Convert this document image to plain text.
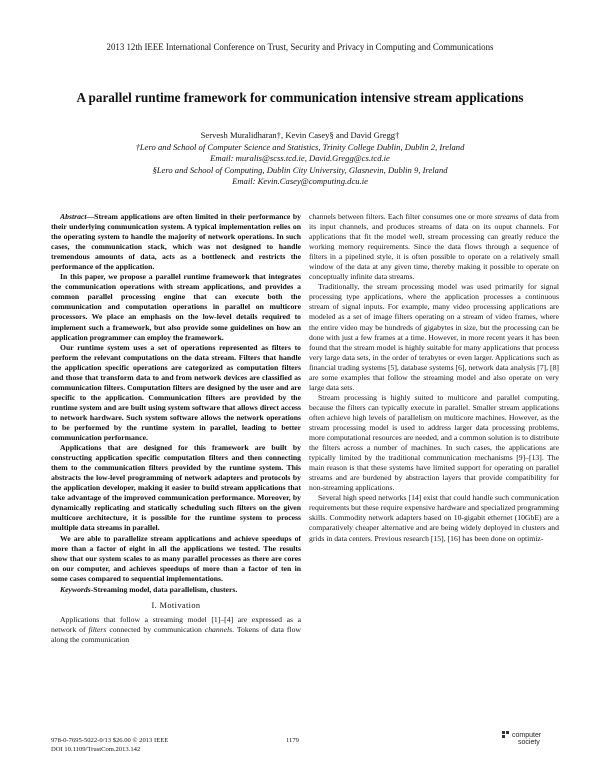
2013 12th IEEE International Conference on Trust, Security and Privacy in Computing and Communications
A parallel runtime framework for communication intensive stream applications
Servesh Muralidharan†, Kevin Casey§ and David Gregg†
†Lero and School of Computer Science and Statistics, Trinity College Dublin, Dublin 2, Ireland
Email: muralis@scss.tcd.ie, David.Gregg@cs.tcd.ie
§Lero and School of Computing, Dublin City University, Glasnevin, Dublin 9, Ireland
Email: Kevin.Casey@computing.dcu.ie

Abstract—Stream applications are often limited in their performance by their underlying communication system. A typical implementation relies on the operating system to handle the majority of network operations. In such cases, the communication stack, which was not designed to handle tremendous amounts of data, acts as a bottleneck and restricts the performance of the application.

In this paper, we propose a parallel runtime framework that integrates the communication operations with stream applications, and provides a common parallel processing engine that can execute both the communication and computation operations in parallel on multicore processors. We place an emphasis on the low-level details required to implement such a framework, but also provide some guidelines on how an application programmer can employ the framework.

Our runtime system uses a set of operations represented as filters to perform the relevant computations on the data stream. Filters that handle the application specific operations are categorized as computation filters and those that transform data to and from network devices are classified as communication filters. Computation filters are designed by the user and are specific to the application. Communication filters are provided by the runtime system and are built using system software that allows direct access to network hardware. Such system software allows the network operations to be performed by the runtime system in parallel, leading to better communication performance.

Applications that are designed for this framework are built by constructing application specific computation filters and then connecting them to the communication filters provided by the runtime system. This abstracts the low-level programming of network adapters and protocols by the application developer, making it easier to build stream applications that take advantage of the improved communication performance. Moreover, by dynamically replicating and statically scheduling such filters on the given multicore architecture, it is possible for the runtime system to process multiple data streams in parallel.

We are able to parallelize stream applications and achieve speedups of more than a factor of eight in all the applications we tested. The results show that our system scales to as many parallel processes as there are cores on our computer, and achieves speedups of more than a factor of ten in some cases compared to sequential implementations.

Keywords-Streaming model, data parallelism, clusters.

I. Motivation

Applications that follow a streaming model [1]–[4] are expressed as a network of filters connected by communication channels. Tokens of data flow along the communication

channels between filters. Each filter consumes one or more streams of data from its input channels, and produces streams of data on its ouput channels. For applications that fit the model well, stream processing can greatly reduce the working memory requirements. Since the data flows through a sequence of filters in a pipelined style, it is often possible to operate on a relatively small window of the data at any given time, thereby making it possible to operate on conceptually infinite data streams.

Traditionally, the stream processing model was used primarily for signal processing type applications, where the application processes a continuous stream of signal inputs. For example, many video processing applications are modeled as a set of image filters operating on a stream of video frames, where the entire video may be hundreds of gigabytes in size, but the processing can be done with just a few frames at a time. However, in more recent years it has been found that the stream model is highly suitable for many applications that process very large data sets, in the order of terabytes or even larger. Applications such as financial trading systems [5], database systems [6], network data analysis [7], [8] are some examples that follow the streaming model and also operate on very large data sets.

Stream processing is highly suited to multicore and parallel computing, because the filters can typically execute in parallel. Smaller stream applications often achieve high levels of parallelism on multicore machines. However, as the stream processing model is used to address larger data processing problems, more computational resources are needed, and a common solution is to distribute the filters across a number of machines. In such cases, the applications are typically limited by the traditional communication mechanisms [9]–[13]. The main reason is that these systems have limited support for operating on parallel streams and are burdened by abstraction layers that provide compatibility for non-streaming applications.

Several high speed networks [14] exist that could handle such communication requirements but these require expensive hardware and specialized programming skills. Commodity network adapters based on 10-gigabit ethernet (10GbE) are a comparatively cheaper alternative and are being widely deployed in clusters and grids in data centers. Previous research [15], [16] has been done on optimiz-

978-0-7695-5022-0/13 $26.00 © 2013 IEEE
DOI 10.1109/TrustCom.2013.142
1179
computer
society
